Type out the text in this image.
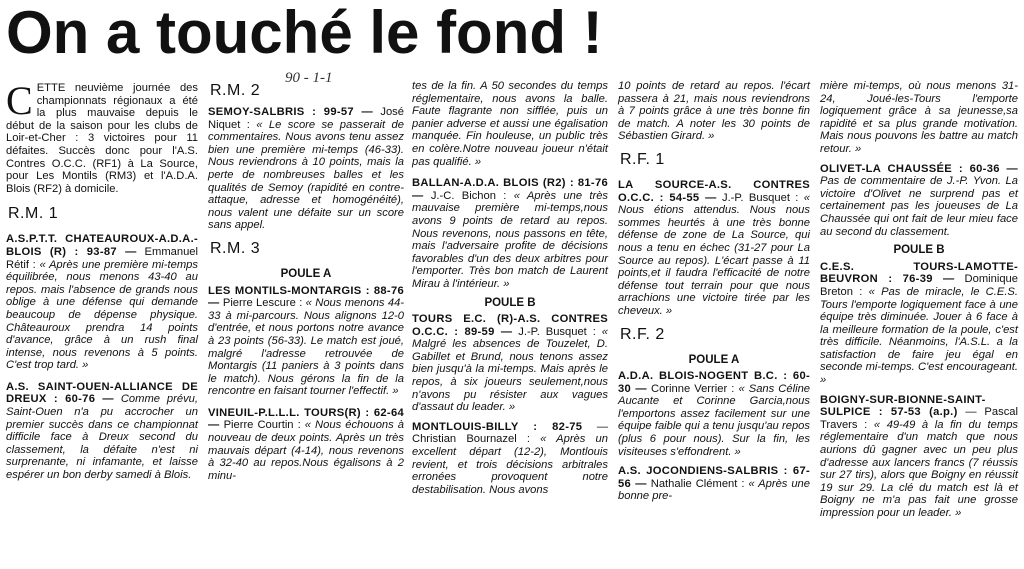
On a touché le fond !
90 - 1-1

CETTE neuvième journée des championnats régionaux a été la plus mauvaise depuis le début de la saison pour les clubs de Loir-et-Cher : 3 victoires pour 11 défaites. Succès donc pour l'A.S. Contres O.C.C. (RF1) à La Source, pour Les Montils (RM3) et l'A.D.A. Blois (RF2) à domicile.

R.M. 1

A.S.P.T.T. CHATEAUROUX-A.D.A.-BLOIS (R) : 93-87 — Emmanuel Rétif : « Après une première mi-temps équilibrée, nous menons 43-40 au repos. mais l'absence de grands nous oblige à une défense qui demande beaucoup de dépense physique. Châteauroux prendra 14 points d'avance, grâce à un rush final intense, nous revenons à 5 points. C'est trop tard. »

A.S. SAINT-OUEN-ALLIANCE DE DREUX : 60-76 — Comme prévu, Saint-Ouen n'a pu accrocher un premier succès dans ce championnat difficile face à Dreux second du classement, la défaite n'est ni surprenante, ni infamante, et laisse espérer un bon derby samedi à Blois.

R.M. 2

SEMOY-SALBRIS : 99-57 — José Niquet : « Le score se passerait de commentaires. Nous avons tenu assez bien une première mi-temps (46-33). Nous reviendrons à 10 points, mais la perte de nombreuses balles et les qualités de Semoy (rapidité en contre-attaque, adresse et homogénéité), nous valent une défaite sur un score sans appel.

R.M. 3
POULE A

LES MONTILS-MONTARGIS : 88-76 — Pierre Lescure : « Nous menons 44-33 à mi-parcours. Nous alignons 12-0 d'entrée, et nous portons notre avance à 23 points (56-33). Le match est joué, malgré l'adresse retrouvée de Montargis (11 paniers à 3 points dans le match). Nous gérons la fin de la rencontre en faisant tourner l'effectif. »

VINEUIL-P.L.L.L. TOURS(R) : 62-64 — Pierre Courtin : « Nous échouons à nouveau de deux points. Après un très mauvais départ (4-14), nous revenons à 32-40 au repos.Nous égalisons à 2 minu-

tes de la fin. A 50 secondes du temps réglementaire, nous avons la balle. Faute flagrante non sifflée, puis un panier adverse et aussi une égalisation manquée. Fin houleuse, un public très en colère.Notre nouveau joueur n'était pas qualifié. »

BALLAN-A.D.A. BLOIS (R2) : 81-76 — J.-C. Bichon : « Après une très mauvaise première mi-temps,nous avons 9 points de retard au repos. Nous revenons, nous passons en tête, mais l'adversaire profite de décisions favorables d'un des deux arbitres pour l'emporter. Très bon match de Laurent Mirau à l'intérieur. »

POULE B

TOURS E.C. (R)-A.S. CONTRES O.C.C. : 89-59 — J.-P. Busquet : « Malgré les absences de Touzelet, D. Gabillet et Brund, nous tenons assez bien jusqu'à la mi-temps. Mais après le repos, à six joueurs seulement,nous n'avons pu résister aux vagues d'assaut du leader. »

MONTLOUIS-BILLY : 82-75 — Christian Bournazel : « Après un excellent départ (12-2), Montlouis revient, et trois décisions arbitrales erronées provoquent notre destabilisation. Nous avons

10 points de retard au repos. l'écart passera à 21, mais nous reviendrons à 7 points grâce à une très bonne fin de match. A noter les 30 points de Sébastien Girard. »

R.F. 1

LA SOURCE-A.S. CONTRES O.C.C. : 54-55 — J.-P. Busquet : « Nous étions attendus. Nous nous sommes heurtés à une très bonne défense de zone de La Source, qui nous a tenu en échec (31-27 pour La Source au repos). L'écart passe à 11 points,et il faudra l'efficacité de notre défense tout terrain pour que nous arrachions une victoire tirée par les cheveux. »

R.F. 2
POULE A

A.D.A. BLOIS-NOGENT B.C. : 60-30 — Corinne Verrier : « Sans Céline Aucante et Corinne Garcia,nous l'emportons assez facilement sur une équipe faible qui a tenu jusqu'au repos (plus 6 pour nous). Sur la fin, les visiteuses s'effondrent. »

A.S. JOCONDIENS-SALBRIS : 67-56 — Nathalie Clément : « Après une bonne pre-

mière mi-temps, où nous menons 31-24, Joué-les-Tours l'emporte logiquement grâce à sa jeunesse,sa rapidité et sa plus grande motivation. Mais nous pouvons les battre au match retour. »

OLIVET-LA CHAUSSÉE : 60-36 — Pas de commentaire de J.-P. Yvon. La victoire d'Olivet ne surprend pas et certainement pas les joueuses de La Chaussée qui ont fait de leur mieu face au second du classement.

POULE B

C.E.S. TOURS-LAMOTTE-BEUVRON : 76-39 — Dominique Breton : « Pas de miracle, le C.E.S. Tours l'emporte logiquement face à une équipe très diminuée. Jouer à 6 face à la meilleure formation de la poule, c'est très difficile. Néanmoins, l'A.S.L. a la satisfaction de faire jeu égal en seconde mi-temps. C'est encourageant. »

BOIGNY-SUR-BIONNE-SAINT-SULPICE : 57-53 (a.p.) — Pascal Travers : « 49-49 à la fin du temps réglementaire d'un match que nous aurions dû gagner avec un peu plus d'adresse aux lancers francs (7 réussis sur 27 tirs), alors que Boigny en réussit 19 sur 29. La clé du match est là et Boigny ne m'a pas fait une grosse impression pour un leader. »
